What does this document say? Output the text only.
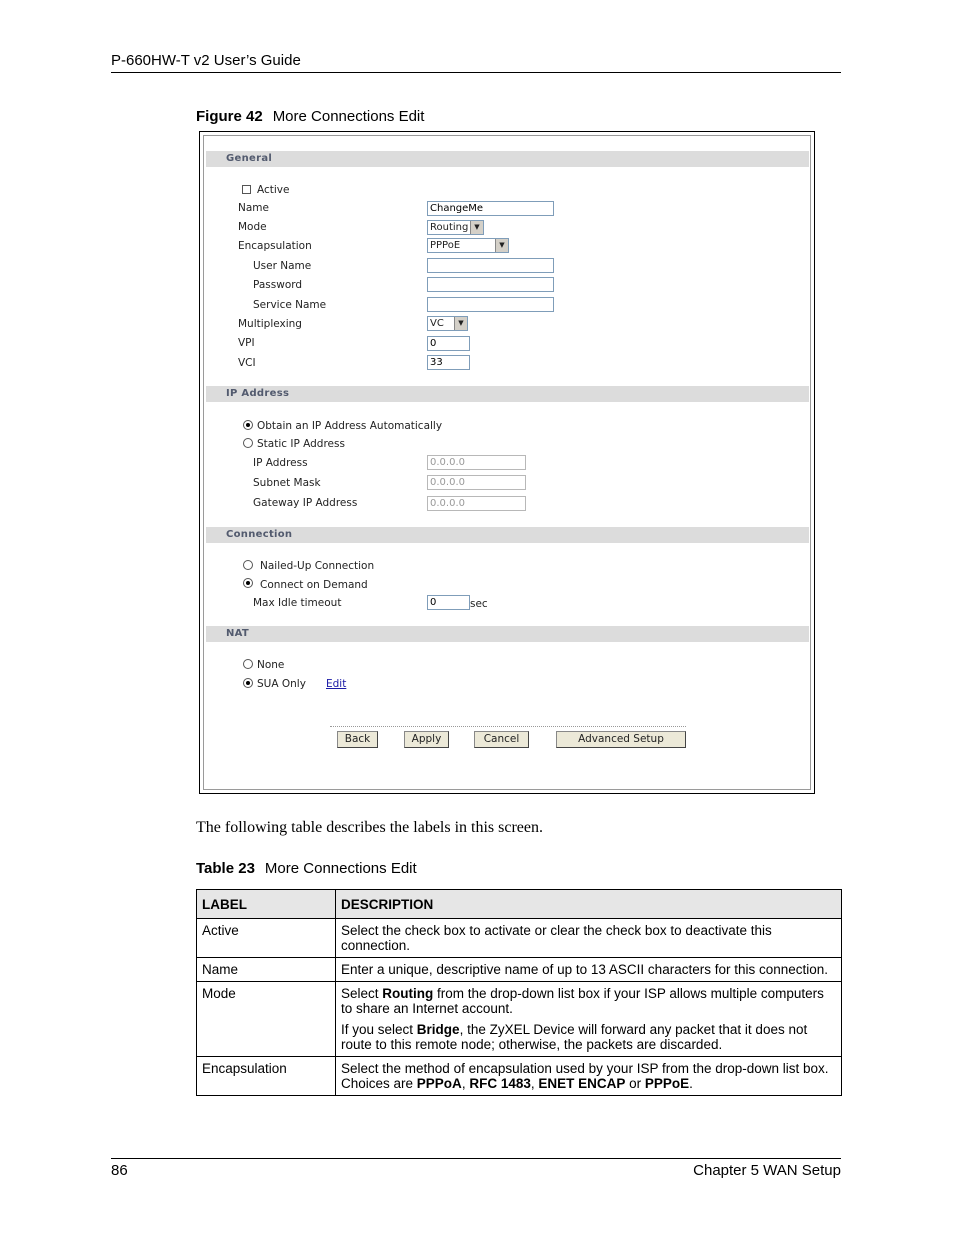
P-660HW-T v2 User’s Guide
Figure 42 More Connections Edit
General
Active
Name	ChangeMe
Mode	Routing ▼
Encapsulation	PPPoE	▼
User Name
Password
Service Name
Multiplexing	VC	▼
VPI	0
VCI	33
IP Address
Obtain an IP Address Automatically
Static IP Address
IP Address	0.0.0.0
Subnet Mask	0.0.0.0
Gateway IP Address	0.0.0.0
Connection
Nailed-Up Connection
Connect on Demand
Max Idle timeout	0	sec
NAT
None
SUA Only Edit
Back	Apply	Cancel	Advanced Setup
The following table describes the labels in this screen.
Table 23 More Connections Edit
LABEL	DESCRIPTION
Active	Select the check box to activate or clear the check box to deactivate this connection.
Name	Enter a unique, descriptive name of up to 13 ASCII characters for this connection.
Mode	Select Routing from the drop-down list box if your ISP allows multiple computers to share an Internet account.

If you select Bridge, the ZyXEL Device will forward any packet that it does not route to this remote node; otherwise, the packets are discarded.

Encapsulation	Select the method of encapsulation used by your ISP from the drop-down list box. Choices are PPPoA, RFC 1483, ENET ENCAP or PPPoE.
86	Chapter 5 WAN Setup
